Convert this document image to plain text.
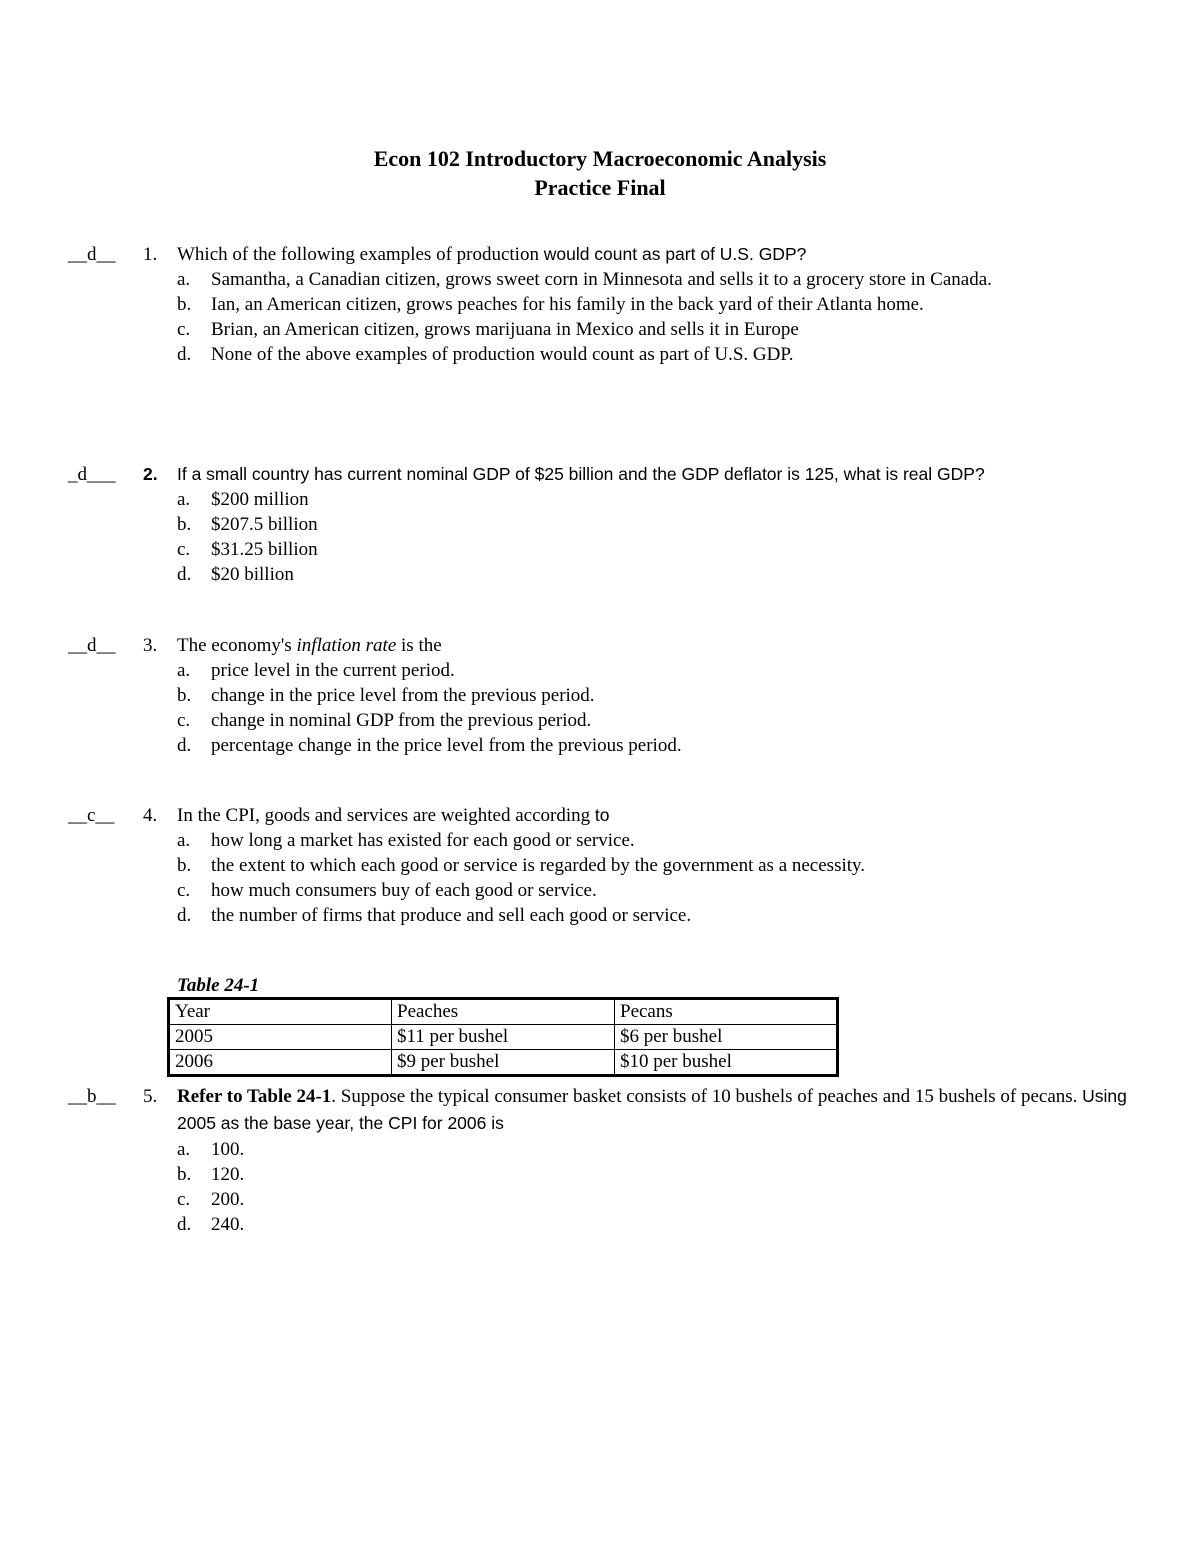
Econ 102 Introductory Macroeconomic Analysis
Practice Final
__d__	1.	Which of the following examples of production would count as part of U.S. GDP?
a.	Samantha, a Canadian citizen, grows sweet corn in Minnesota and sells it to a grocery store in Canada.
b.	Ian, an American citizen, grows peaches for his family in the back yard of their Atlanta home.
c.	Brian, an American citizen, grows marijuana in Mexico and sells it in Europe
d.	None of the above examples of production would count as part of U.S. GDP.
_d___	2.	If a small country has current nominal GDP of $25 billion and the GDP deflator is 125, what is real GDP?
a.	$200 million
b.	$207.5 billion
c.	$31.25 billion
d.	$20 billion
__d__	3.	The economy's inflation rate is the
a.	price level in the current period.
b.	change in the price level from the previous period.
c.	change in nominal GDP from the previous period.
d.	percentage change in the price level from the previous period.
__c__	4.	In the CPI, goods and services are weighted according to
a.	how long a market has existed for each good or service.
b.	the extent to which each good or service is regarded by the government as a necessity.
c.	how much consumers buy of each good or service.
d.	the number of firms that produce and sell each good or service.
Table 24-1
Year	Peaches	Pecans
2005	$11 per bushel	$6 per bushel
2006	$9 per bushel	$10 per bushel
__b__	5.	Refer to Table 24-1. Suppose the typical consumer basket consists of 10 bushels of peaches and 15 bushels of pecans. Using 2005 as the base year, the CPI for 2006 is
a.	100.
b.	120.
c.	200.
d.	240.
